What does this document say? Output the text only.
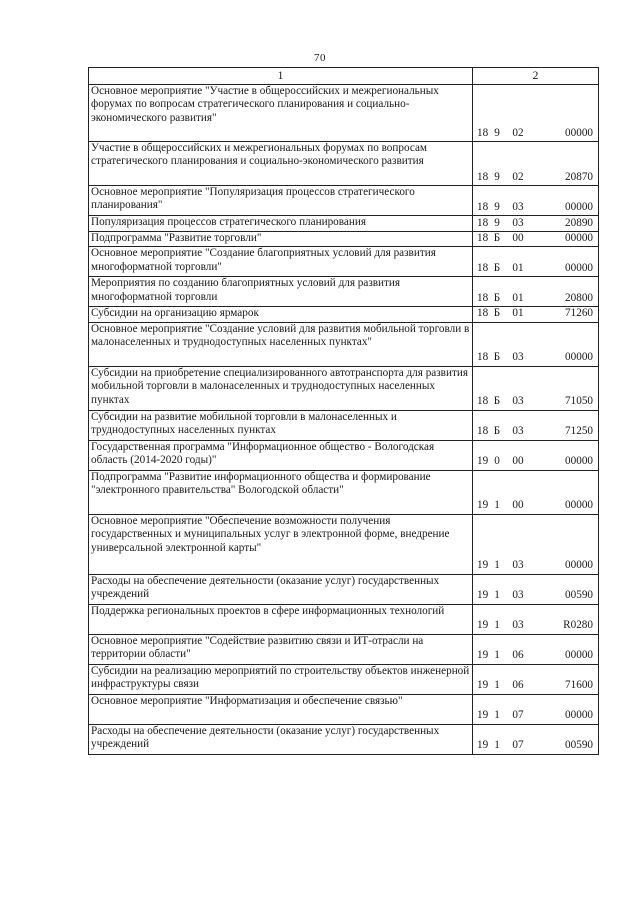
70
1	2
Основное мероприятие "Участие в общероссийских и межрегиональных форумах по вопросам стратегического планирования и социально-экономического развития"	18 9 02 00000
Участие в общероссийских и межрегиональных форумах по вопросам стратегического планирования и социально-экономического развития	18 9 02 20870
Основное мероприятие "Популяризация процессов стратегического планирования"	18 9 03 00000
Популяризация процессов стратегического планирования	18 9 03 20890
Подпрограмма "Развитие торговли"	18 Б 00 00000
Основное мероприятие "Создание благоприятных условий для развития многоформатной торговли"	18 Б 01 00000
Мероприятия по созданию благоприятных условий для развития многоформатной торговли	18 Б 01 20800
Субсидии на организацию ярмарок	18 Б 01 71260
Основное мероприятие "Создание условий для развития мобильной торговли в малонаселенных и труднодоступных населенных пунктах"	18 Б 03 00000
Субсидии на приобретение специализированного автотранспорта для развития мобильной торговли в малонаселенных и труднодоступных населенных пунктах	18 Б 03 71050
Субсидии на развитие мобильной торговли в малонаселенных и труднодоступных населенных пунктах	18 Б 03 71250
Государственная программа "Информационное общество - Вологодская область (2014-2020 годы)"	19 0 00 00000
Подпрограмма "Развитие информационного общества и формирование "электронного правительства" Вологодской области"	19 1 00 00000
Основное мероприятие "Обеспечение возможности получения государственных и муниципальных услуг в электронной форме, внедрение универсальной электронной карты"	19 1 03 00000
Расходы на обеспечение деятельности (оказание услуг) государственных учреждений	19 1 03 00590
Поддержка региональных проектов в сфере информационных технологий	19 1 03 R0280
Основное мероприятие "Содействие развитию связи и ИТ-отрасли на территории области"	19 1 06 00000
Субсидии на реализацию мероприятий по строительству объектов инженерной инфраструктуры связи	19 1 06 71600
Основное мероприятие "Информатизация и обеспечение связью"	19 1 07 00000
Расходы на обеспечение деятельности (оказание услуг) государственных учреждений	19 1 07 00590
